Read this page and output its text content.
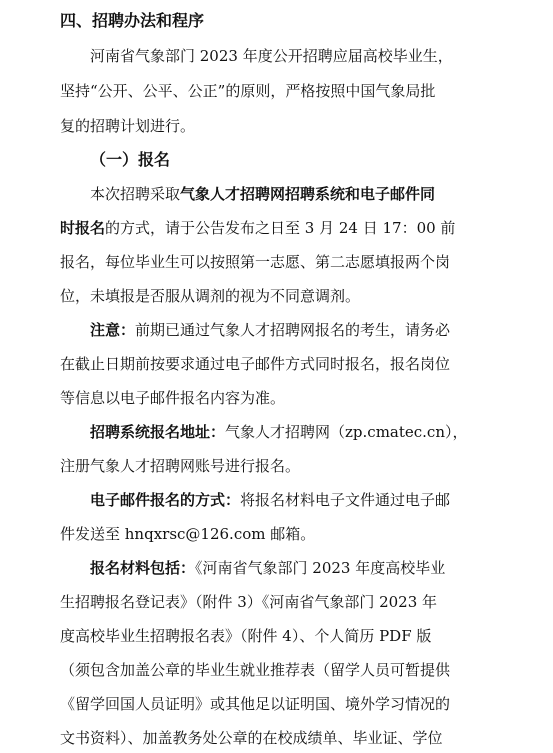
四、招聘办法和程序
河南省气象部门 2023 年度公开招聘应届高校毕业生，
坚持“公开、公平、公正”的原则，严格按照中国气象局批
复的招聘计划进行。
（一）报名
本次招聘采取气象人才招聘网招聘系统和电子邮件同
时报名的方式，请于公告发布之日至 3 月 24 日 17：00 前
报名，每位毕业生可以按照第一志愿、第二志愿填报两个岗
位，未填报是否服从调剂的视为不同意调剂。
注意：前期已通过气象人才招聘网报名的考生，请务必
在截止日期前按要求通过电子邮件方式同时报名，报名岗位
等信息以电子邮件报名内容为准。
招聘系统报名地址：气象人才招聘网（zp.cmatec.cn），
注册气象人才招聘网账号进行报名。
电子邮件报名的方式：将报名材料电子文件通过电子邮
件发送至 hnqxrsc@126.com 邮箱。
报名材料包括：《河南省气象部门 2023 年度高校毕业
生招聘报名登记表》（附件 3）《河南省气象部门 2023 年
度高校毕业生招聘报名表》（附件 4）、个人简历 PDF 版
（须包含加盖公章的毕业生就业推荐表（留学人员可暂提供
《留学回国人员证明》或其他足以证明国、境外学习情况的
文书资料）、加盖教务处公章的在校成绩单、毕业证、学位
